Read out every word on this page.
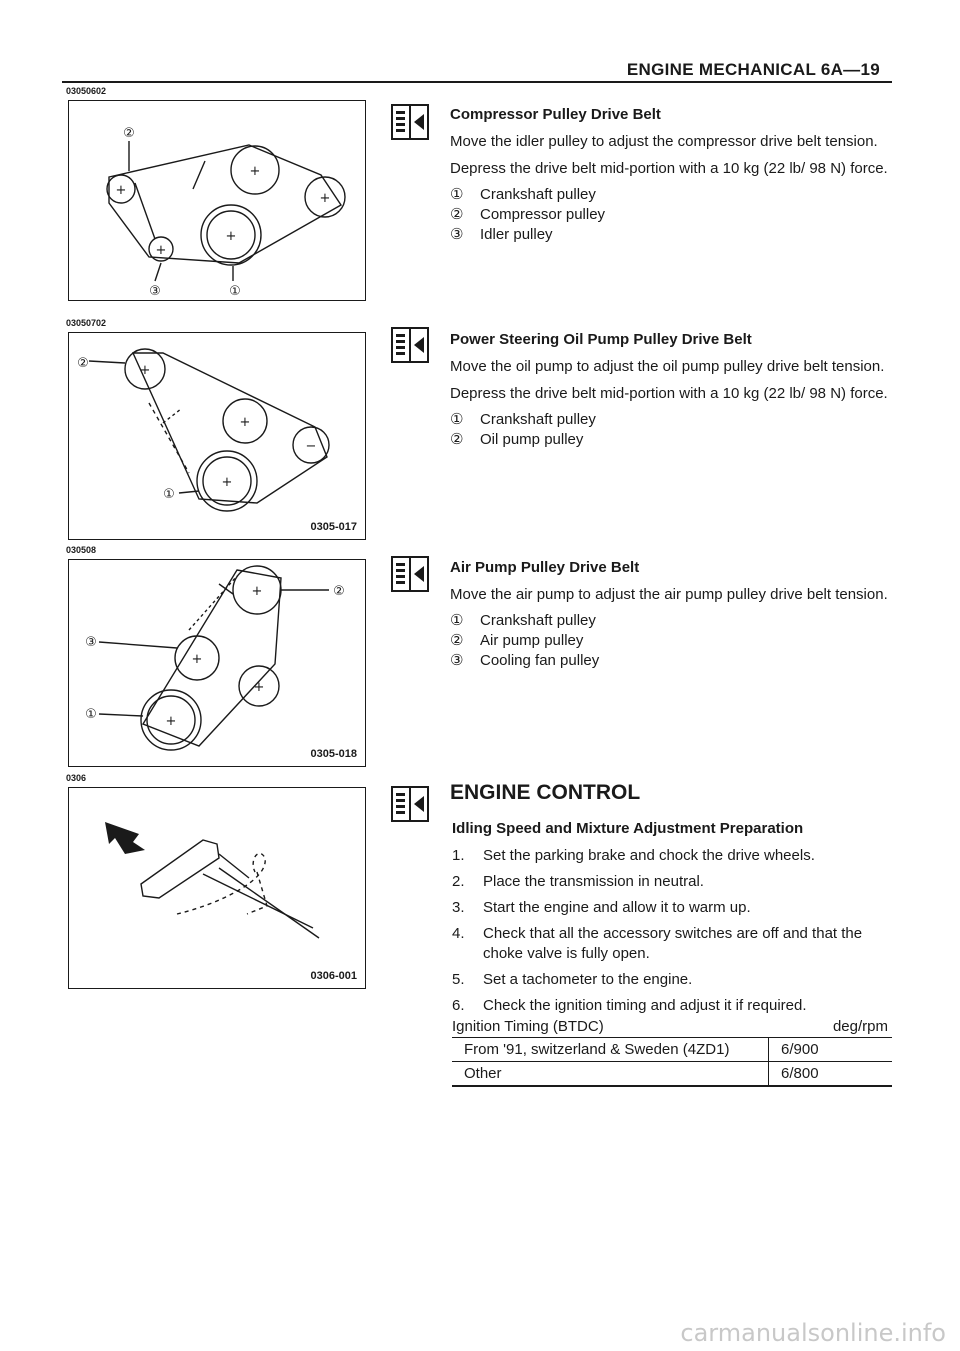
ENGINE MECHANICAL 6A—19
03050602
+
+
+
+
+
②
③	①
03050702
+
+
−
+
②
①
0305-017
030508
+
+
+
+
②
③
①
0305-018
0306
0306-001
Compressor Pulley Drive Belt

Move the idler pulley to adjust the compressor drive belt tension.

Depress the drive belt mid-portion with a 10 kg (22 lb/ 98 N) force.

①	Crankshaft pulley
②	Compressor pulley
③	Idler pulley
Power Steering Oil Pump Pulley Drive Belt

Move the oil pump to adjust the oil pump pulley drive belt tension.

Depress the drive belt mid-portion with a 10 kg (22 lb/ 98 N) force.

①	Crankshaft pulley
②	Oil pump pulley
Air Pump Pulley Drive Belt

Move the air pump to adjust the air pump pulley drive belt tension.

①	Crankshaft pulley
②	Air pump pulley
③	Cooling fan pulley
ENGINE CONTROL
Idling Speed and Mixture Adjustment Preparation
1.	Set the parking brake and chock the drive wheels.
2.	Place the transmission in neutral.
3.	Start the engine and allow it to warm up.
4.	Check that all the accessory switches are off and that the choke valve is fully open.
5.	Set a tachometer to the engine.
6.	Check the ignition timing and adjust it if required.
Ignition Timing (BTDC)	deg/rpm
From '91, switzerland & Sweden (4ZD1)	6/900
Other	6/800
carmanualsonline.info
